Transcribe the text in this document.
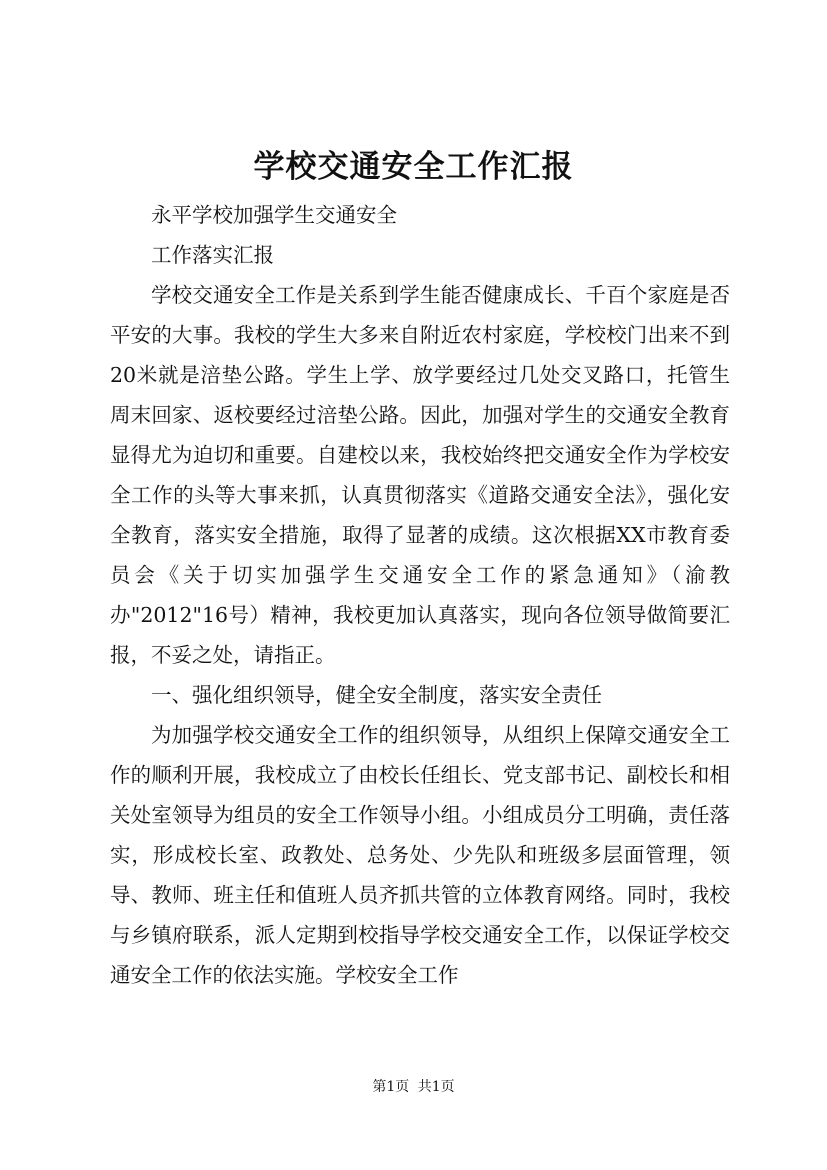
学校交通安全工作汇报

永平学校加强学生交通安全

工作落实汇报

学校交通安全工作是关系到学生能否健康成长、千百个家庭是否平安的大事。我校的学生大多来自附近农村家庭，学校校门出来不到20米就是涪垫公路。学生上学、放学要经过几处交叉路口，托管生周末回家、返校要经过涪垫公路。因此，加强对学生的交通安全教育显得尤为迫切和重要。自建校以来，我校始终把交通安全作为学校安全工作的头等大事来抓，认真贯彻落实《道路交通安全法》，强化安全教育，落实安全措施，取得了显著的成绩。这次根据XX市教育委员会《关于切实加强学生交通安全工作的紧急通知》（渝教办"2012"16号）精神，我校更加认真落实，现向各位领导做简要汇报，不妥之处，请指正。

一、强化组织领导，健全安全制度，落实安全责任

为加强学校交通安全工作的组织领导，从组织上保障交通安全工作的顺利开展，我校成立了由校长任组长、党支部书记、副校长和相关处室领导为组员的安全工作领导小组。小组成员分工明确，责任落实，形成校长室、政教处、总务处、少先队和班级多层面管理，领导、教师、班主任和值班人员齐抓共管的立体教育网络。同时，我校与乡镇府联系，派人定期到校指导学校交通安全工作，以保证学校交通安全工作的依法实施。学校安全工作

第1页 共1页
